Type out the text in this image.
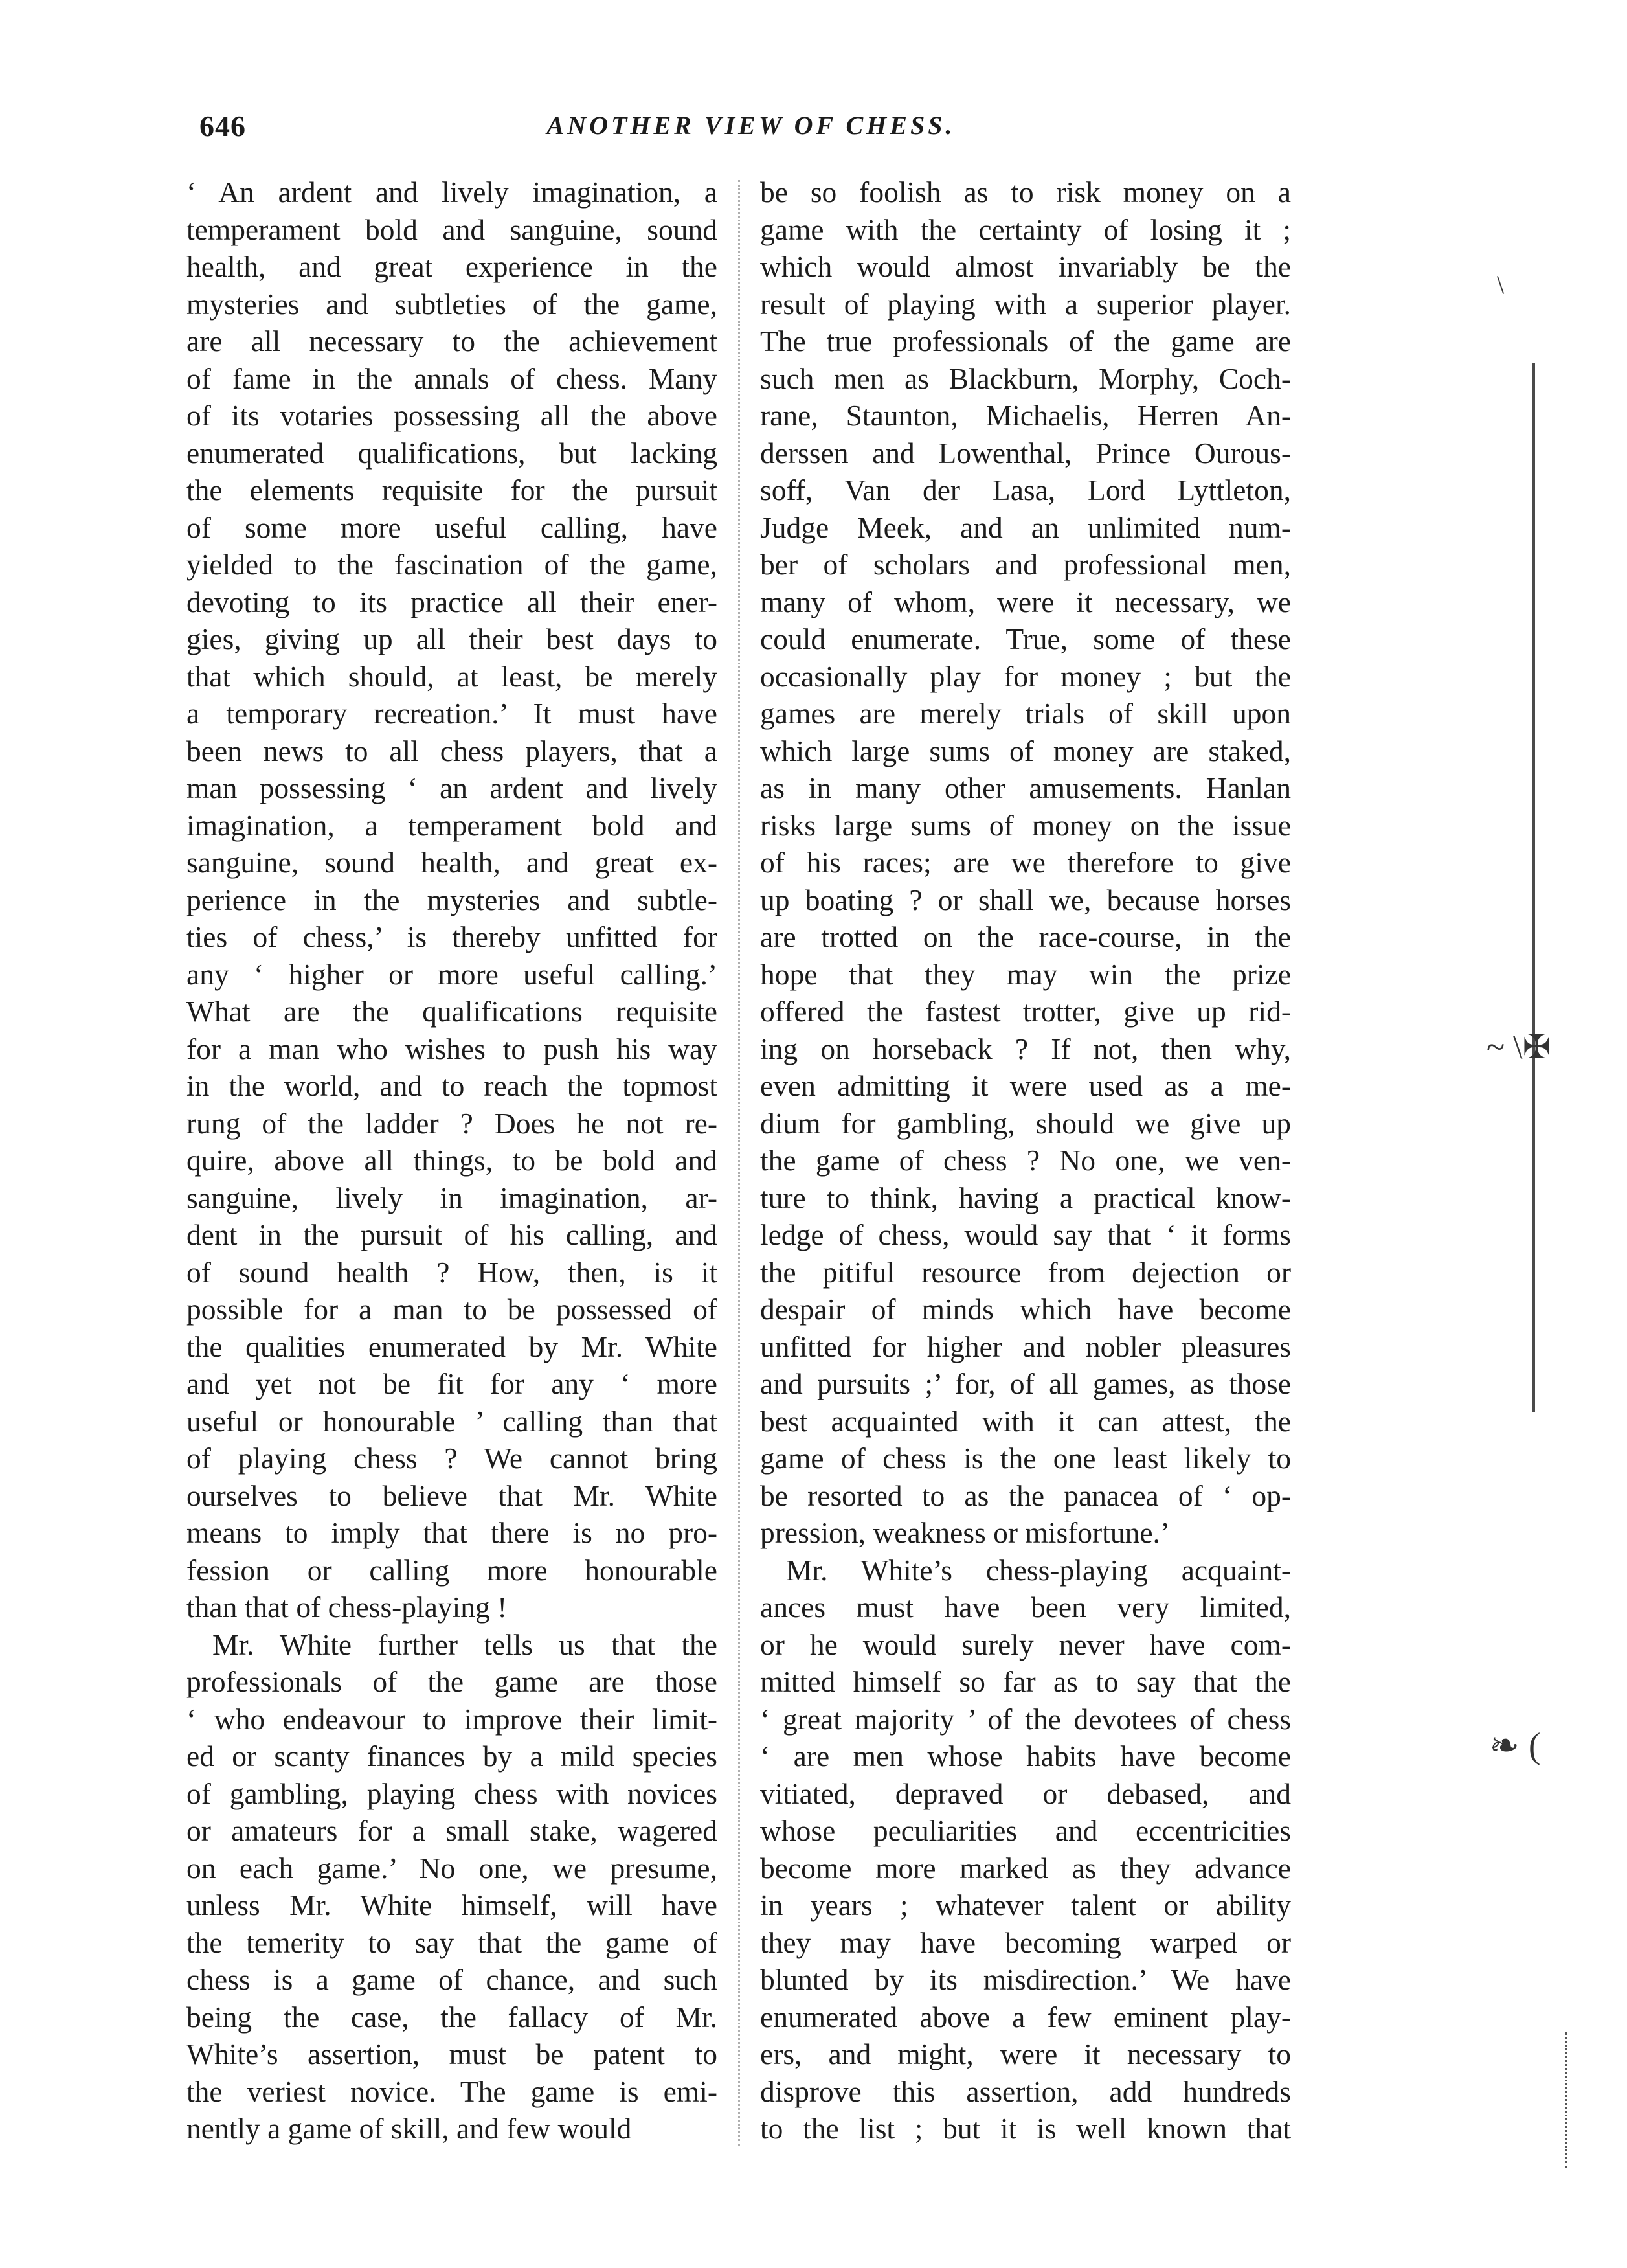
646	ANOTHER VIEW OF CHESS.
‘ An ardent and lively imagination, a
temperament bold and sanguine, sound
health, and great experience in the
mysteries and subtleties of the game,
are all necessary to the achievement
of fame in the annals of chess. Many
of its votaries possessing all the above
enumerated qualifications, but lacking
the elements requisite for the pursuit
of some more useful calling, have
yielded to the fascination of the game,
devoting to its practice all their ener-
gies, giving up all their best days to
that which should, at least, be merely
a temporary recreation.’ It must have
been news to all chess players, that a
man possessing ‘ an ardent and lively
imagination, a temperament bold and
sanguine, sound health, and great ex-
perience in the mysteries and subtle-
ties of chess,’ is thereby unfitted for
any ‘ higher or more useful calling.’
What are the qualifications requisite
for a man who wishes to push his way
in the world, and to reach the topmost
rung of the ladder ? Does he not re-
quire, above all things, to be bold and
sanguine, lively in imagination, ar-
dent in the pursuit of his calling, and
of sound health ? How, then, is it
possible for a man to be possessed of
the qualities enumerated by Mr. White
and yet not be fit for any ‘ more
useful or honourable ’ calling than that
of playing chess ? We cannot bring
ourselves to believe that Mr. White
means to imply that there is no pro-
fession or calling more honourable
than that of chess-playing !
Mr. White further tells us that the
professionals of the game are those
‘ who endeavour to improve their limit-
ed or scanty finances by a mild species
of gambling, playing chess with novices
or amateurs for a small stake, wagered
on each game.’ No one, we presume,
unless Mr. White himself, will have
the temerity to say that the game of
chess is a game of chance, and such
being the case, the fallacy of Mr.
White’s assertion, must be patent to
the veriest novice. The game is emi-
nently a game of skill, and few would
be so foolish as to risk money on a
game with the certainty of losing it ;
which would almost invariably be the
result of playing with a superior player.
The true professionals of the game are
such men as Blackburn, Morphy, Coch-
rane, Staunton, Michaelis, Herren An-
derssen and Lowenthal, Prince Ourous-
soff, Van der Lasa, Lord Lyttleton,
Judge Meek, and an unlimited num-
ber of scholars and professional men,
many of whom, were it necessary, we
could enumerate. True, some of these
occasionally play for money ; but the
games are merely trials of skill upon
which large sums of money are staked,
as in many other amusements. Hanlan
risks large sums of money on the issue
of his races; are we therefore to give
up boating ? or shall we, because horses
are trotted on the race-course, in the
hope that they may win the prize
offered the fastest trotter, give up rid-
ing on horseback ? If not, then why,
even admitting it were used as a me-
dium for gambling, should we give up
the game of chess ? No one, we ven-
ture to think, having a practical know-
ledge of chess, would say that ‘ it forms
the pitiful resource from dejection or
despair of minds which have become
unfitted for higher and nobler pleasures
and pursuits ;’ for, of all games, as those
best acquainted with it can attest, the
game of chess is the one least likely to
be resorted to as the panacea of ‘ op-
pression, weakness or misfortune.’
Mr. White’s chess-playing acquaint-
ances must have been very limited,
or he would surely never have com-
mitted himself so far as to say that the
‘ great majority ’ of the devotees of chess
‘ are men whose habits have become
vitiated, depraved or debased, and
whose peculiarities and eccentricities
become more marked as they advance
in years ; whatever talent or ability
they may have becoming warped or
blunted by its misdirection.’ We have
enumerated above a few eminent play-
ers, and might, were it necessary to
disprove this assertion, add hundreds
to the list ; but it is well known that
\
~ \✠
❧ (
